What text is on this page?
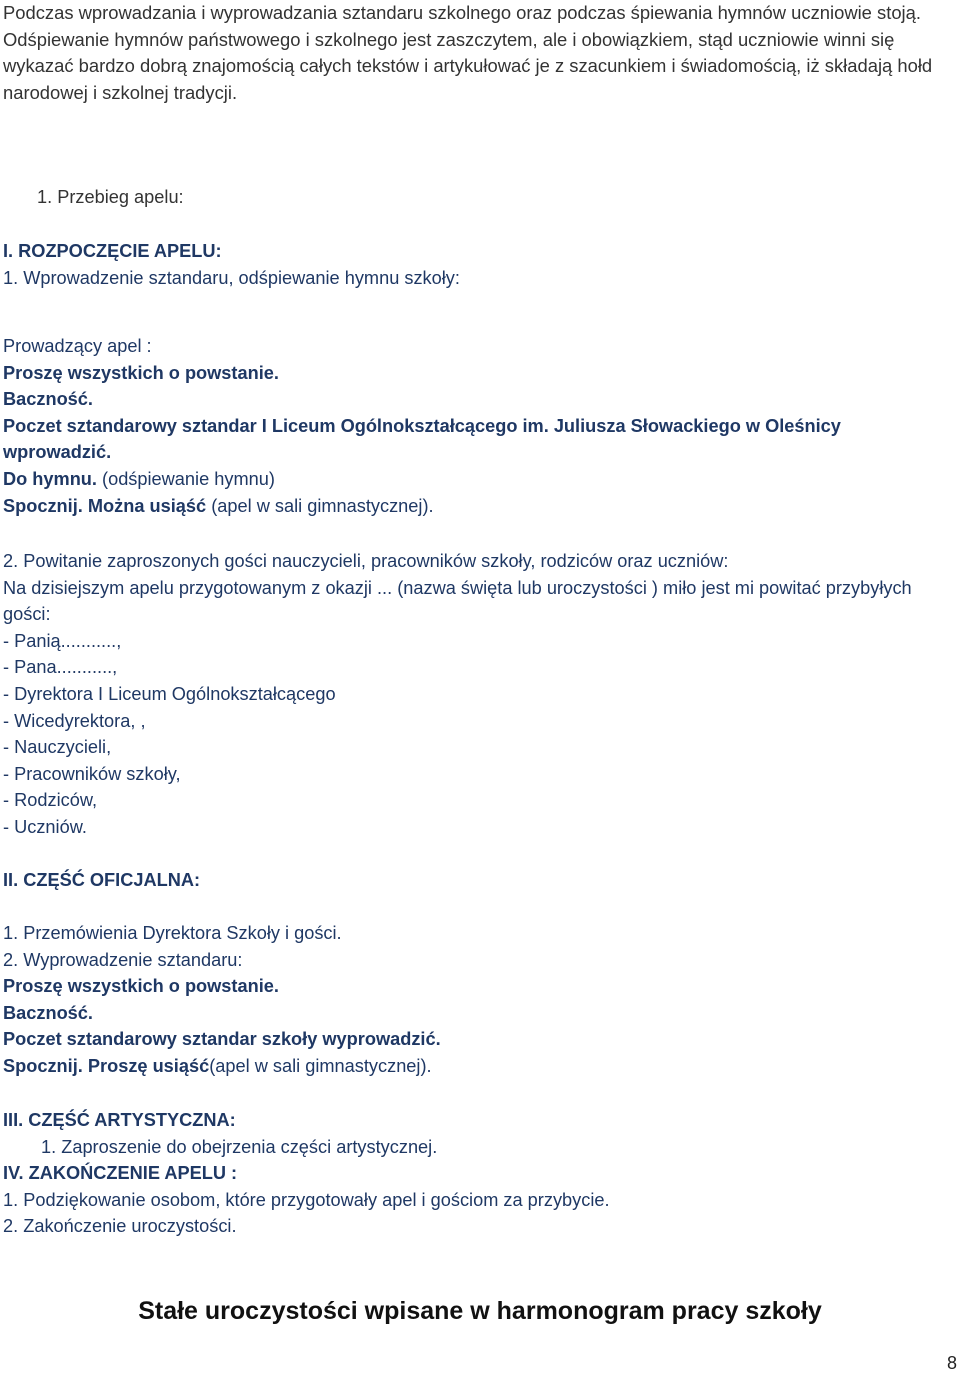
Podczas wprowadzania i wyprowadzania sztandaru szkolnego oraz podczas śpiewania hymnów uczniowie stoją. Odśpiewanie hymnów państwowego i szkolnego jest zaszczytem, ale i obowiązkiem, stąd uczniowie winni się wykazać bardzo dobrą znajomością całych tekstów i artykułować je z szacunkiem i świadomością, iż składają hołd narodowej i szkolnej tradycji.

1. Przebieg apelu:
I. ROZPOCZĘCIE APELU:
1. Wprowadzenie sztandaru, odśpiewanie hymnu szkoły:
Prowadzący apel :
Proszę wszystkich o powstanie.
Baczność.
Poczet sztandarowy sztandar I Liceum Ogólnokształcącego im. Juliusza Słowackiego w Oleśnicy wprowadzić.
Do hymnu. (odśpiewanie hymnu)
Spocznij. Można usiąść (apel w sali gimnastycznej).
2. Powitanie zaproszonych gości nauczycieli, pracowników szkoły, rodziców oraz uczniów:
Na dzisiejszym apelu przygotowanym z okazji ... (nazwa święta lub uroczystości ) miło jest mi powitać przybyłych gości:
- Panią...........,
- Pana...........,
- Dyrektora I Liceum Ogólnokształcącego
- Wicedyrektora, ,
- Nauczycieli,
- Pracowników szkoły,
- Rodziców,
- Uczniów.
II. CZĘŚĆ OFICJALNA:
1. Przemówienia Dyrektora Szkoły i gości.
2. Wyprowadzenie sztandaru:
Proszę wszystkich o powstanie.
Baczność.
Poczet sztandarowy sztandar szkoły wyprowadzić.
Spocznij. Proszę usiąść(apel w sali gimnastycznej).
III. CZĘŚĆ ARTYSTYCZNA:
1. Zaproszenie do obejrzenia części artystycznej.
IV. ZAKOŃCZENIE APELU :
1. Podziękowanie osobom, które przygotowały apel i gościom za przybycie.
2. Zakończenie uroczystości.
Stałe uroczystości wpisane w harmonogram pracy szkoły
8
